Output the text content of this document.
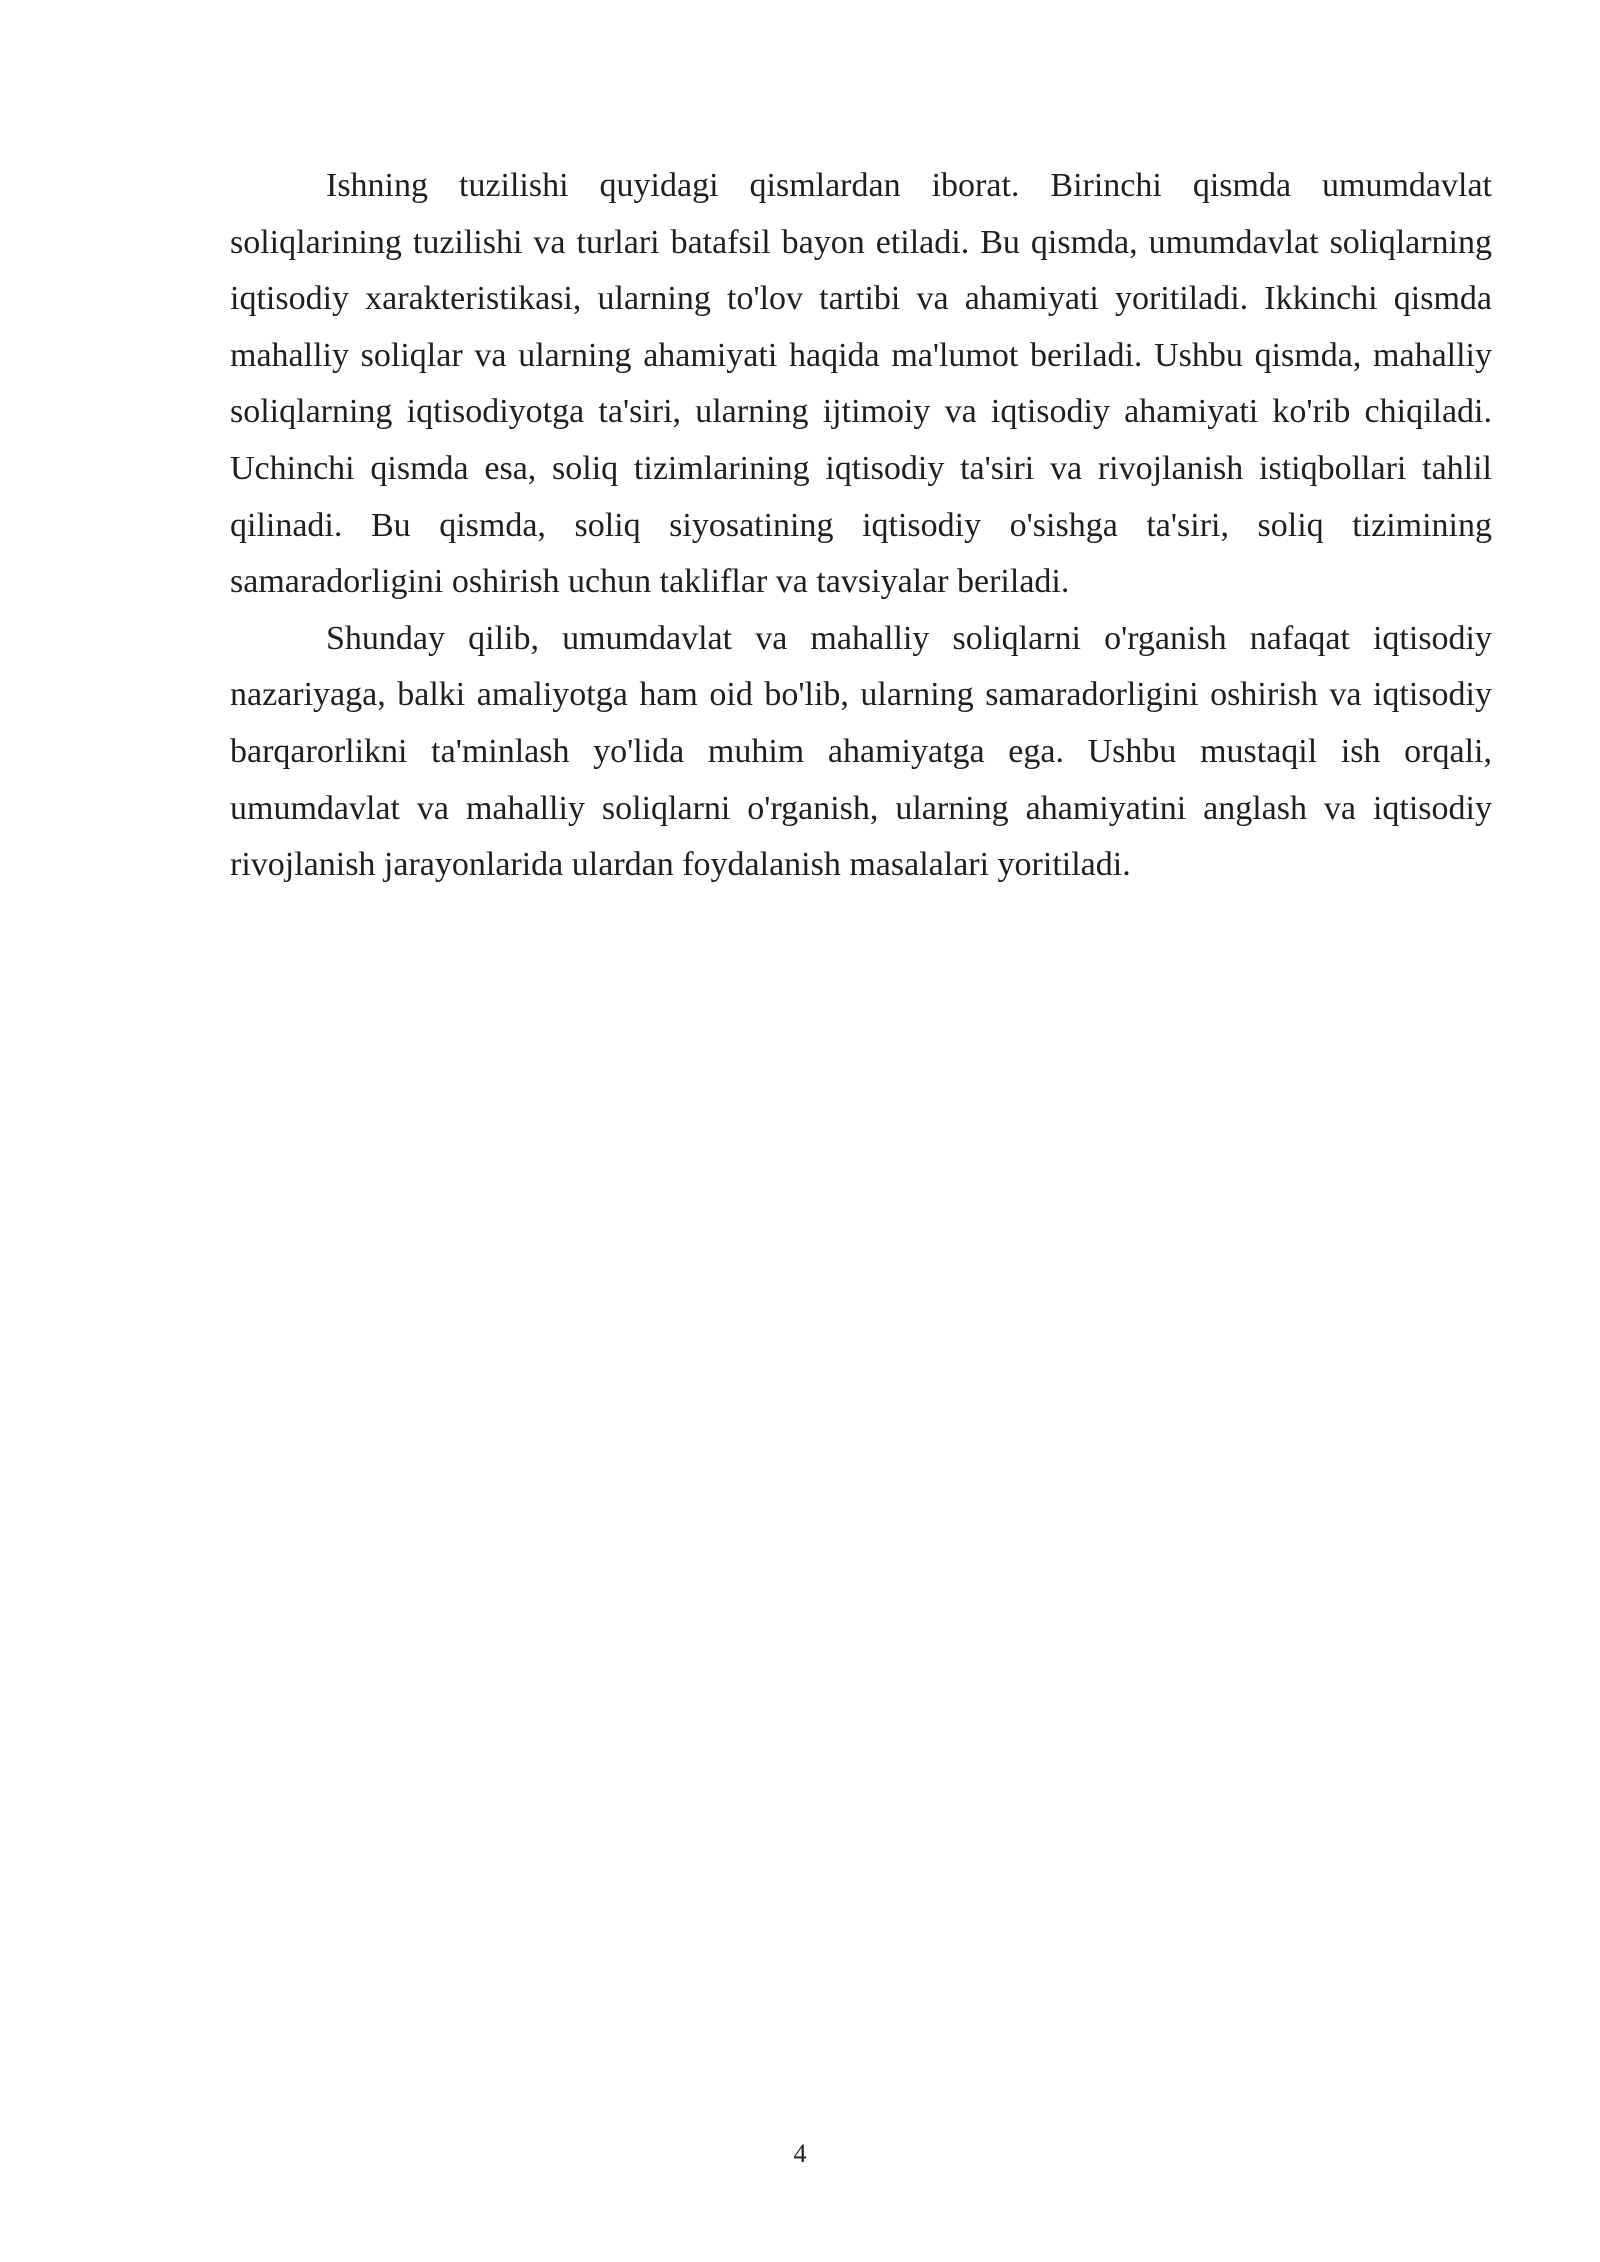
Ishning tuzilishi quyidagi qismlardan iborat. Birinchi qismda umumdavlat soliqlarining tuzilishi va turlari batafsil bayon etiladi. Bu qismda, umumdavlat soliqlarning iqtisodiy xarakteristikasi, ularning to'lov tartibi va ahamiyati yoritiladi. Ikkinchi qismda mahalliy soliqlar va ularning ahamiyati haqida ma'lumot beriladi. Ushbu qismda, mahalliy soliqlarning iqtisodiyotga ta'siri, ularning ijtimoiy va iqtisodiy ahamiyati ko'rib chiqiladi. Uchinchi qismda esa, soliq tizimlarining iqtisodiy ta'siri va rivojlanish istiqbollari tahlil qilinadi. Bu qismda, soliq siyosatining iqtisodiy o'sishga ta'siri, soliq tizimining samaradorligini oshirish uchun takliflar va tavsiyalar beriladi.

Shunday qilib, umumdavlat va mahalliy soliqlarni o'rganish nafaqat iqtisodiy nazariyaga, balki amaliyotga ham oid bo'lib, ularning samaradorligini oshirish va iqtisodiy barqarorlikni ta'minlash yo'lida muhim ahamiyatga ega. Ushbu mustaqil ish orqali, umumdavlat va mahalliy soliqlarni o'rganish, ularning ahamiyatini anglash va iqtisodiy rivojlanish jarayonlarida ulardan foydalanish masalalari yoritiladi.

4
